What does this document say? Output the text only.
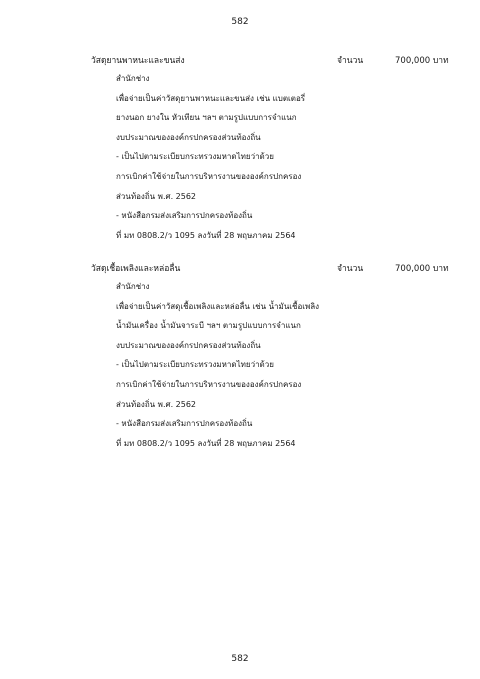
582
วัสดุยานพาหนะและขนส่ง	จำนวน	700,000 บาท
สำนักช่าง
เพื่อจ่ายเป็นค่าวัสดุยานพาหนะและขนส่ง เช่น แบตเตอรี่
ยางนอก ยางใน หัวเทียน ฯลฯ ตามรูปแบบการจำแนก
งบประมาณขององค์กรปกครองส่วนท้องถิ่น
- เป็นไปตามระเบียบกระทรวงมหาดไทยว่าด้วย
การเบิกค่าใช้จ่ายในการบริหารงานขององค์กรปกครอง
ส่วนท้องถิ่น พ.ศ. 2562
- หนังสือกรมส่งเสริมการปกครองท้องถิ่น
ที่ มท 0808.2/ว 1095 ลงวันที่ 28 พฤษภาคม 2564
วัสดุเชื้อเพลิงและหล่อลื่น	จำนวน	700,000 บาท
สำนักช่าง
เพื่อจ่ายเป็นค่าวัสดุเชื้อเพลิงและหล่อลื่น เช่น น้ำมันเชื้อเพลิง
น้ำมันเครื่อง น้ำมันจาระบี ฯลฯ ตามรูปแบบการจำแนก
งบประมาณขององค์กรปกครองส่วนท้องถิ่น
- เป็นไปตามระเบียบกระทรวงมหาดไทยว่าด้วย
การเบิกค่าใช้จ่ายในการบริหารงานขององค์กรปกครอง
ส่วนท้องถิ่น พ.ศ. 2562
- หนังสือกรมส่งเสริมการปกครองท้องถิ่น
ที่ มท 0808.2/ว 1095 ลงวันที่ 28 พฤษภาคม 2564
582
